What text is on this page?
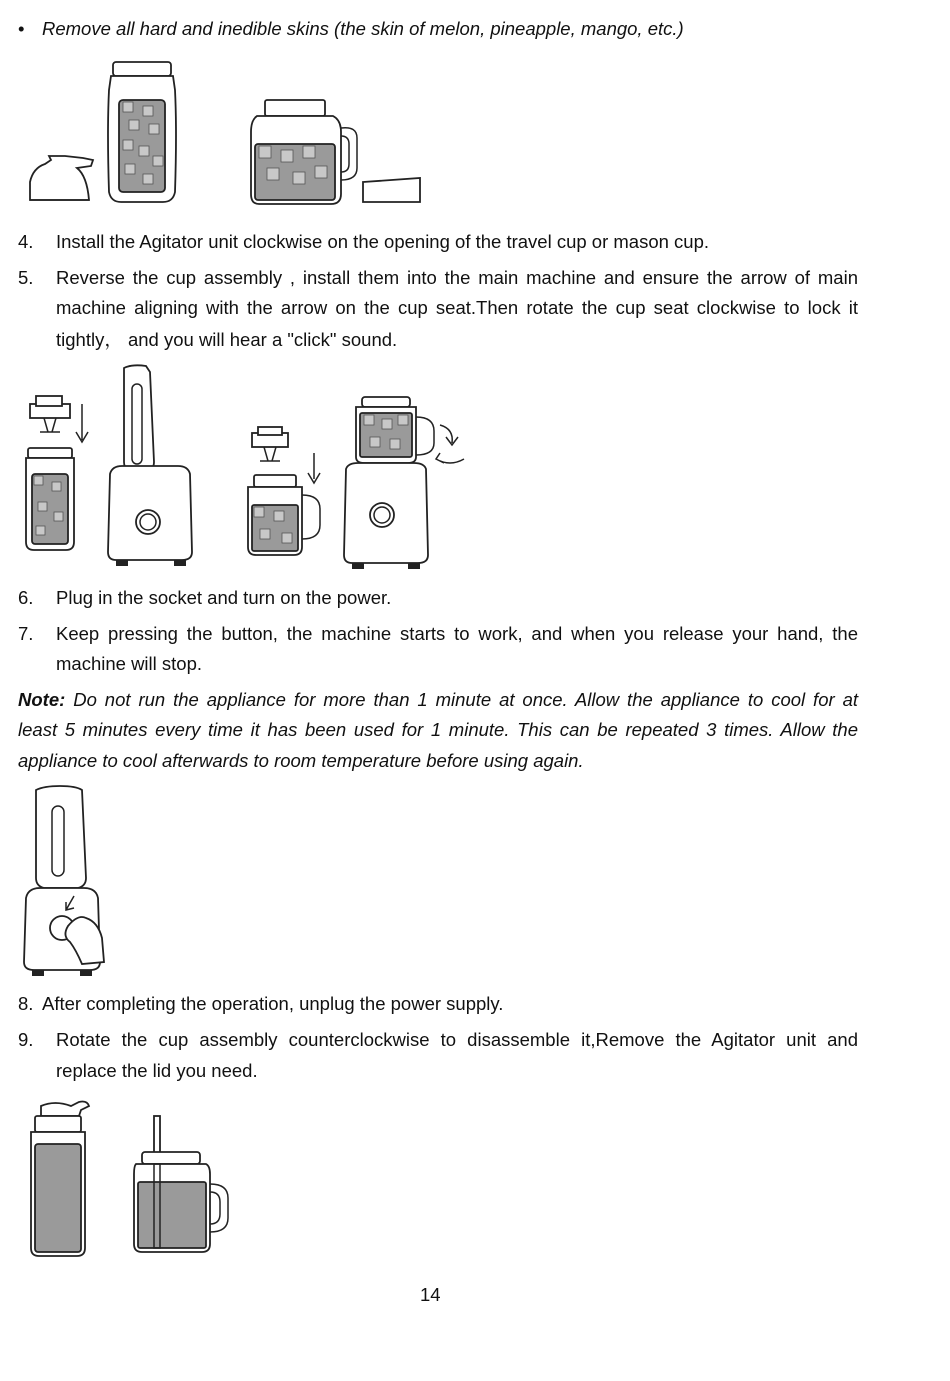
• Remove all hard and inedible skins (the skin of melon, pineapple, mango, etc.)
4. Install the Agitator unit clockwise on the opening of the travel cup or mason cup.
5. Reverse the cup assembly , install them into the main machine and ensure the arrow of main
machine aligning with the arrow on the cup seat.Then rotate the cup seat clockwise to lock it
tightly， and you will hear a "click" sound.
6. Plug in the socket and turn on the power.
7. Keep pressing the button, the machine starts to work, and when you release your hand, the
machine will stop.
Note: Do not run the appliance for more than 1 minute at once. Allow the appliance to cool for at
least 5 minutes every time it has been used for 1 minute. This can be repeated 3 times. Allow the
appliance to cool afterwards to room temperature before using again.
8. After completing the operation, unplug the power supply.
9. Rotate the cup assembly counterclockwise to disassemble it,Remove the Agitator unit and
replace the lid you need.
14
